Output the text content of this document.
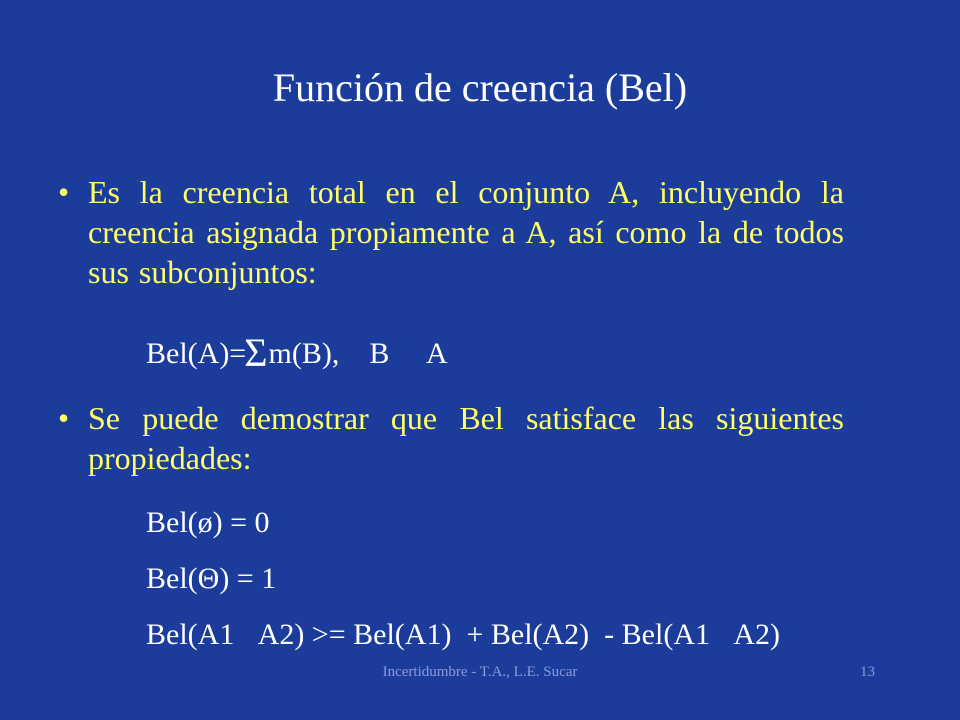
Función de creencia (Bel)
• Es la creencia total en el conjunto A, incluyendo la creencia asignada propiamente a A, así como la de todos sus subconjuntos:
Bel(A)=Σm(B),    B   A
• Se puede demostrar que Bel satisface las siguientes propiedades:
Bel(ø) = 0
Bel(Θ) = 1
Bel(A1 A2) >= Bel(A1)  + Bel(A2)  - Bel(A1 A2)
Incertidumbre - T.A., L.E. Sucar	13
